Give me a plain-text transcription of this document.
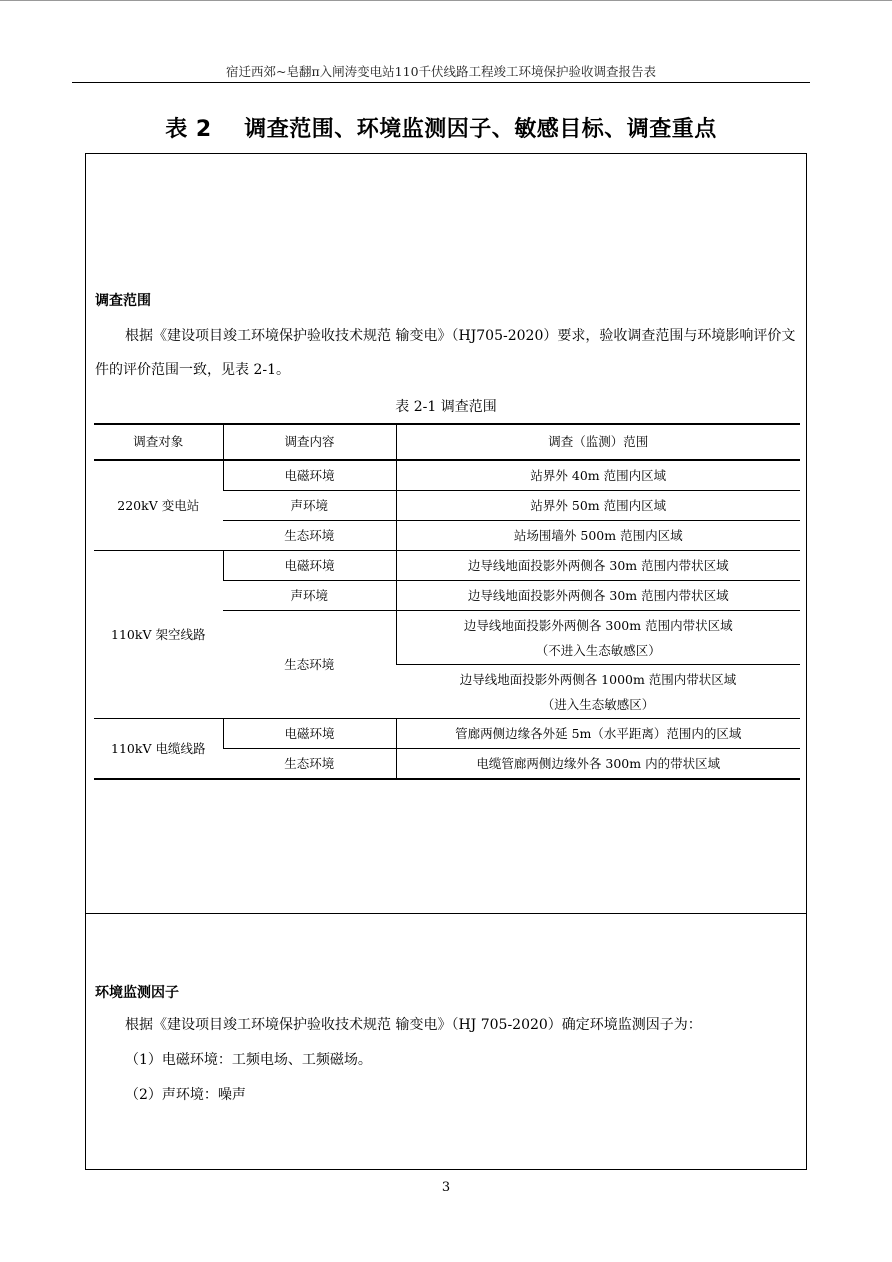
宿迁西郊~皂翻π入闸涛变电站110千伏线路工程竣工环境保护验收调查报告表
表 2    调查范围、环境监测因子、敏感目标、调查重点
调查范围
根据《建设项目竣工环境保护验收技术规范 输变电》（HJ705-2020）要求，验收调查范围与环境影响评价文件的评价范围一致，见表 2-1。
表 2-1 调查范围
调查对象	调查内容	调查（监测）范围
220kV 变电站	电磁环境	站界外 40m 范围内区域
	声环境	站界外 50m 范围内区域
	生态环境	站场围墙外 500m 范围内区域
110kV 架空线路	电磁环境	边导线地面投影外两侧各 30m 范围内带状区域
	声环境	边导线地面投影外两侧各 30m 范围内带状区域
	生态环境	边导线地面投影外两侧各 300m 范围内带状区域
（不进入生态敏感区）

		边导线地面投影外两侧各 1000m 范围内带状区域
（进入生态敏感区）

110kV 电缆线路	电磁环境	管廊两侧边缘各外延 5m（水平距离）范围内的区域
	生态环境	电缆管廊两侧边缘外各 300m 内的带状区域
环境监测因子
根据《建设项目竣工环境保护验收技术规范 输变电》（HJ 705-2020）确定环境监测因子为：
（1）电磁环境：工频电场、工频磁场。
（2）声环境：噪声
3
